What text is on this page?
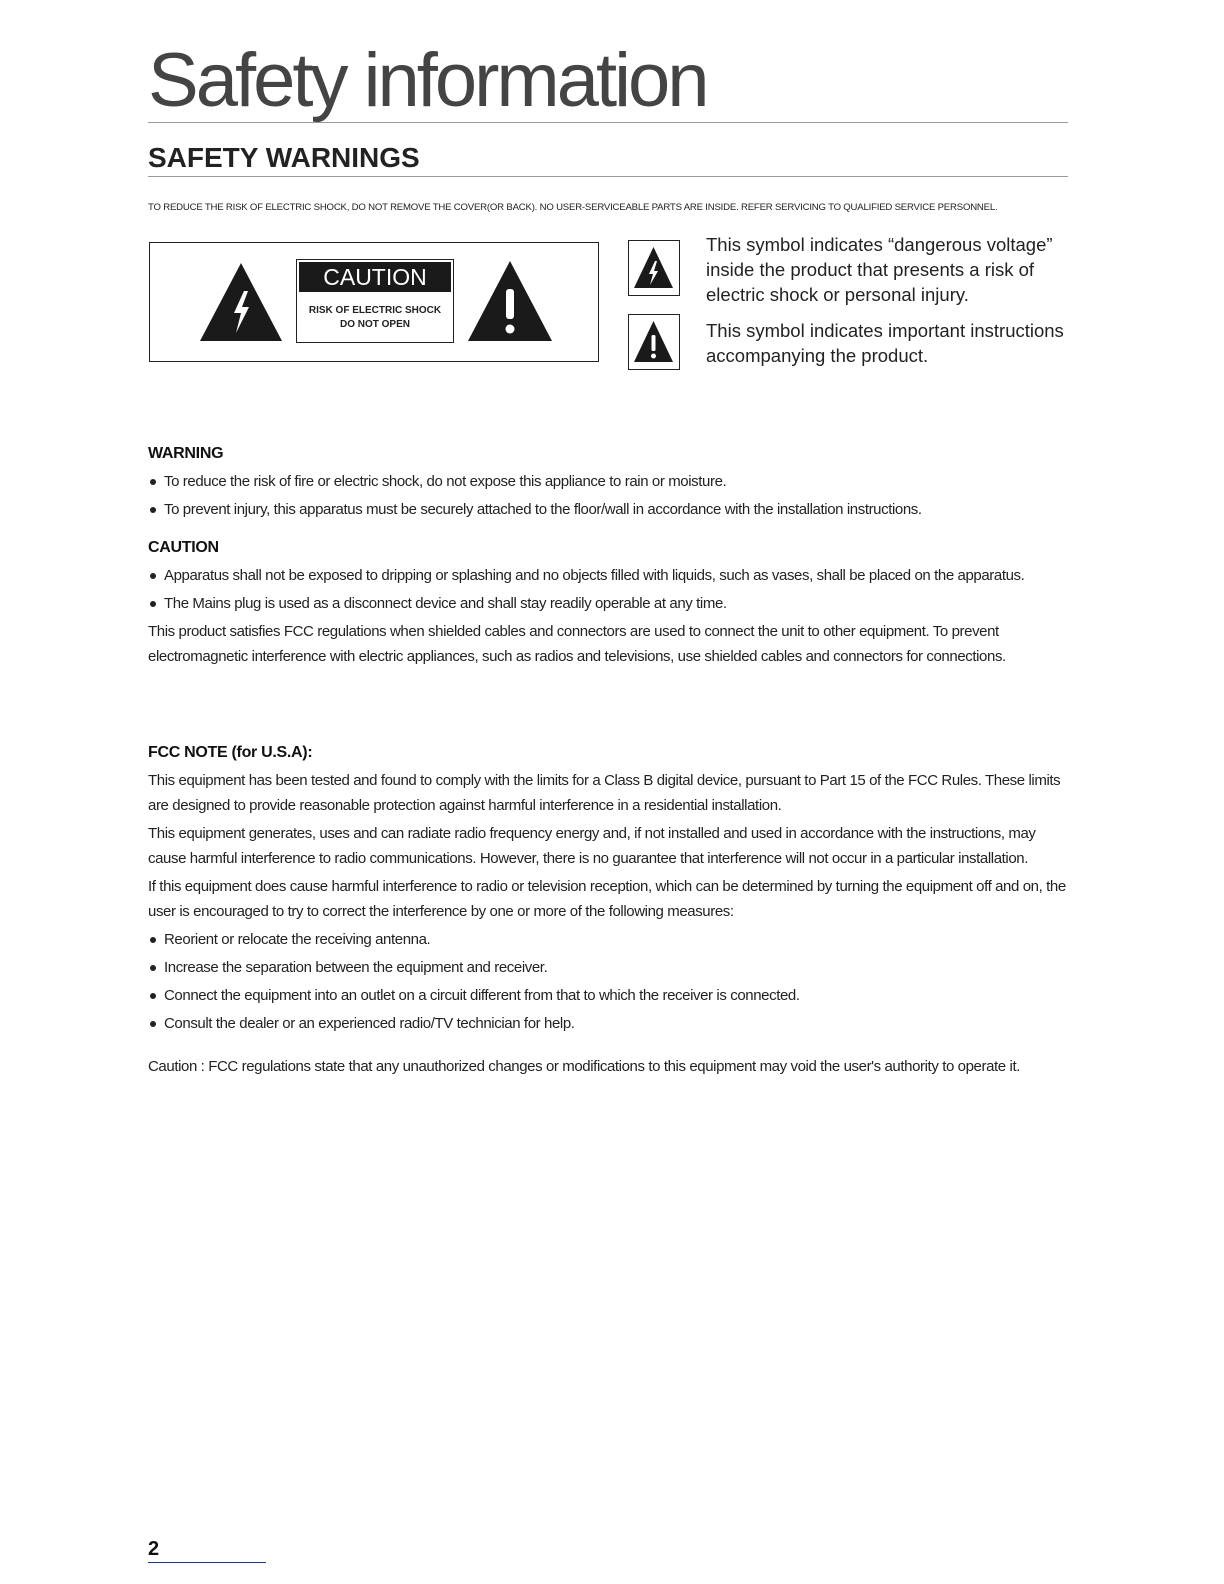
Safety information
SAFETY WARNINGS
TO REDUCE THE RISK OF ELECTRIC SHOCK, DO NOT REMOVE THE COVER(OR BACK). NO USER-SERVICEABLE PARTS ARE INSIDE. REFER SERVICING TO QUALIFIED SERVICE PERSONNEL.
CAUTION
RISK OF ELECTRIC SHOCK
DO NOT OPEN
This symbol indicates “dangerous voltage” inside the product that presents a risk of electric shock or personal injury.
This symbol indicates important instructions accompanying the product.
WARNING
To reduce the risk of fire or electric shock, do not expose this appliance to rain or moisture.
To prevent injury, this apparatus must be securely attached to the floor/wall in accordance with the installation instructions.
CAUTION
Apparatus shall not be exposed to dripping or splashing and no objects filled with liquids, such as vases, shall be placed on the apparatus.
The Mains plug is used as a disconnect device and shall stay readily operable at any time.
This product satisfies FCC regulations when shielded cables and connectors are used to connect the unit to other equipment. To prevent electromagnetic interference with electric appliances, such as radios and televisions, use shielded cables and connectors for connections.
FCC NOTE (for U.S.A):
This equipment has been tested and found to comply with the limits for a Class B digital device, pursuant to Part 15 of the FCC Rules. These limits are designed to provide reasonable protection against harmful interference in a residential installation.
This equipment generates, uses and can radiate radio frequency energy and, if not installed and used in accordance with the instructions, may cause harmful interference to radio communications. However, there is no guarantee that interference will not occur in a particular installation.
If this equipment does cause harmful interference to radio or television reception, which can be determined by turning the equipment off and on, the user is encouraged to try to correct the interference by one or more of the following measures:
Reorient or relocate the receiving antenna.
Increase the separation between the equipment and receiver.
Connect the equipment into an outlet on a circuit different from that to which the receiver is connected.
Consult the dealer or an experienced radio/TV technician for help.
Caution : FCC regulations state that any unauthorized changes or modifications to this equipment may void the user's authority to operate it.
2
